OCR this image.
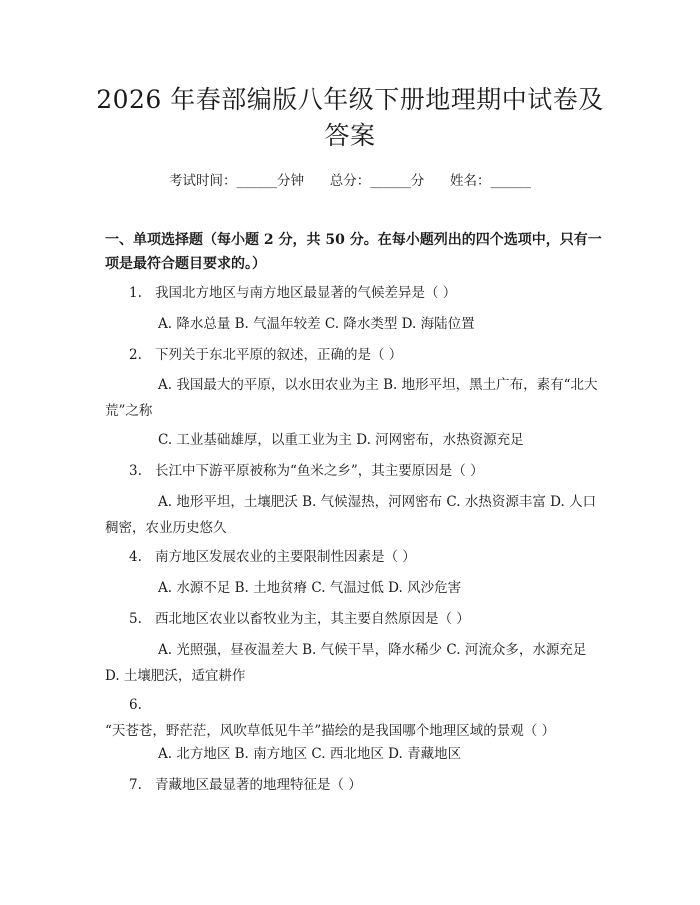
2026 年春部编版八年级下册地理期中试卷及
答案
考试时间：______分钟      总分：______分      姓名：______
一、单项选择题（每小题 2 分，共 50 分。在每小题列出的四个选项中，只有一项是最符合题目要求的。）
1. 我国北方地区与南方地区最显著的气候差异是（ ）
A. 降水总量 B. 气温年较差 C. 降水类型 D. 海陆位置
2. 下列关于东北平原的叙述，正确的是（ ）
A. 我国最大的平原，以水田农业为主 B. 地形平坦，黑土广布，素有“北大荒”之称
C. 工业基础雄厚，以重工业为主 D. 河网密布，水热资源充足
3. 长江中下游平原被称为“鱼米之乡”，其主要原因是（ ）
A. 地形平坦，土壤肥沃 B. 气候湿热，河网密布 C. 水热资源丰富 D. 人口稠密，农业历史悠久
4. 南方地区发展农业的主要限制性因素是（ ）
A. 水源不足 B. 土地贫瘠 C. 气温过低 D. 风沙危害
5. 西北地区农业以畜牧业为主，其主要自然原因是（ ）
A. 光照强，昼夜温差大 B. 气候干旱，降水稀少 C. 河流众多，水源充足 D. 土壤肥沃，适宜耕作
6.“天苍苍，野茫茫，风吹草低见牛羊”描绘的是我国哪个地理区域的景观（ ）
A. 北方地区 B. 南方地区 C. 西北地区 D. 青藏地区
7. 青藏地区最显著的地理特征是（ ）
